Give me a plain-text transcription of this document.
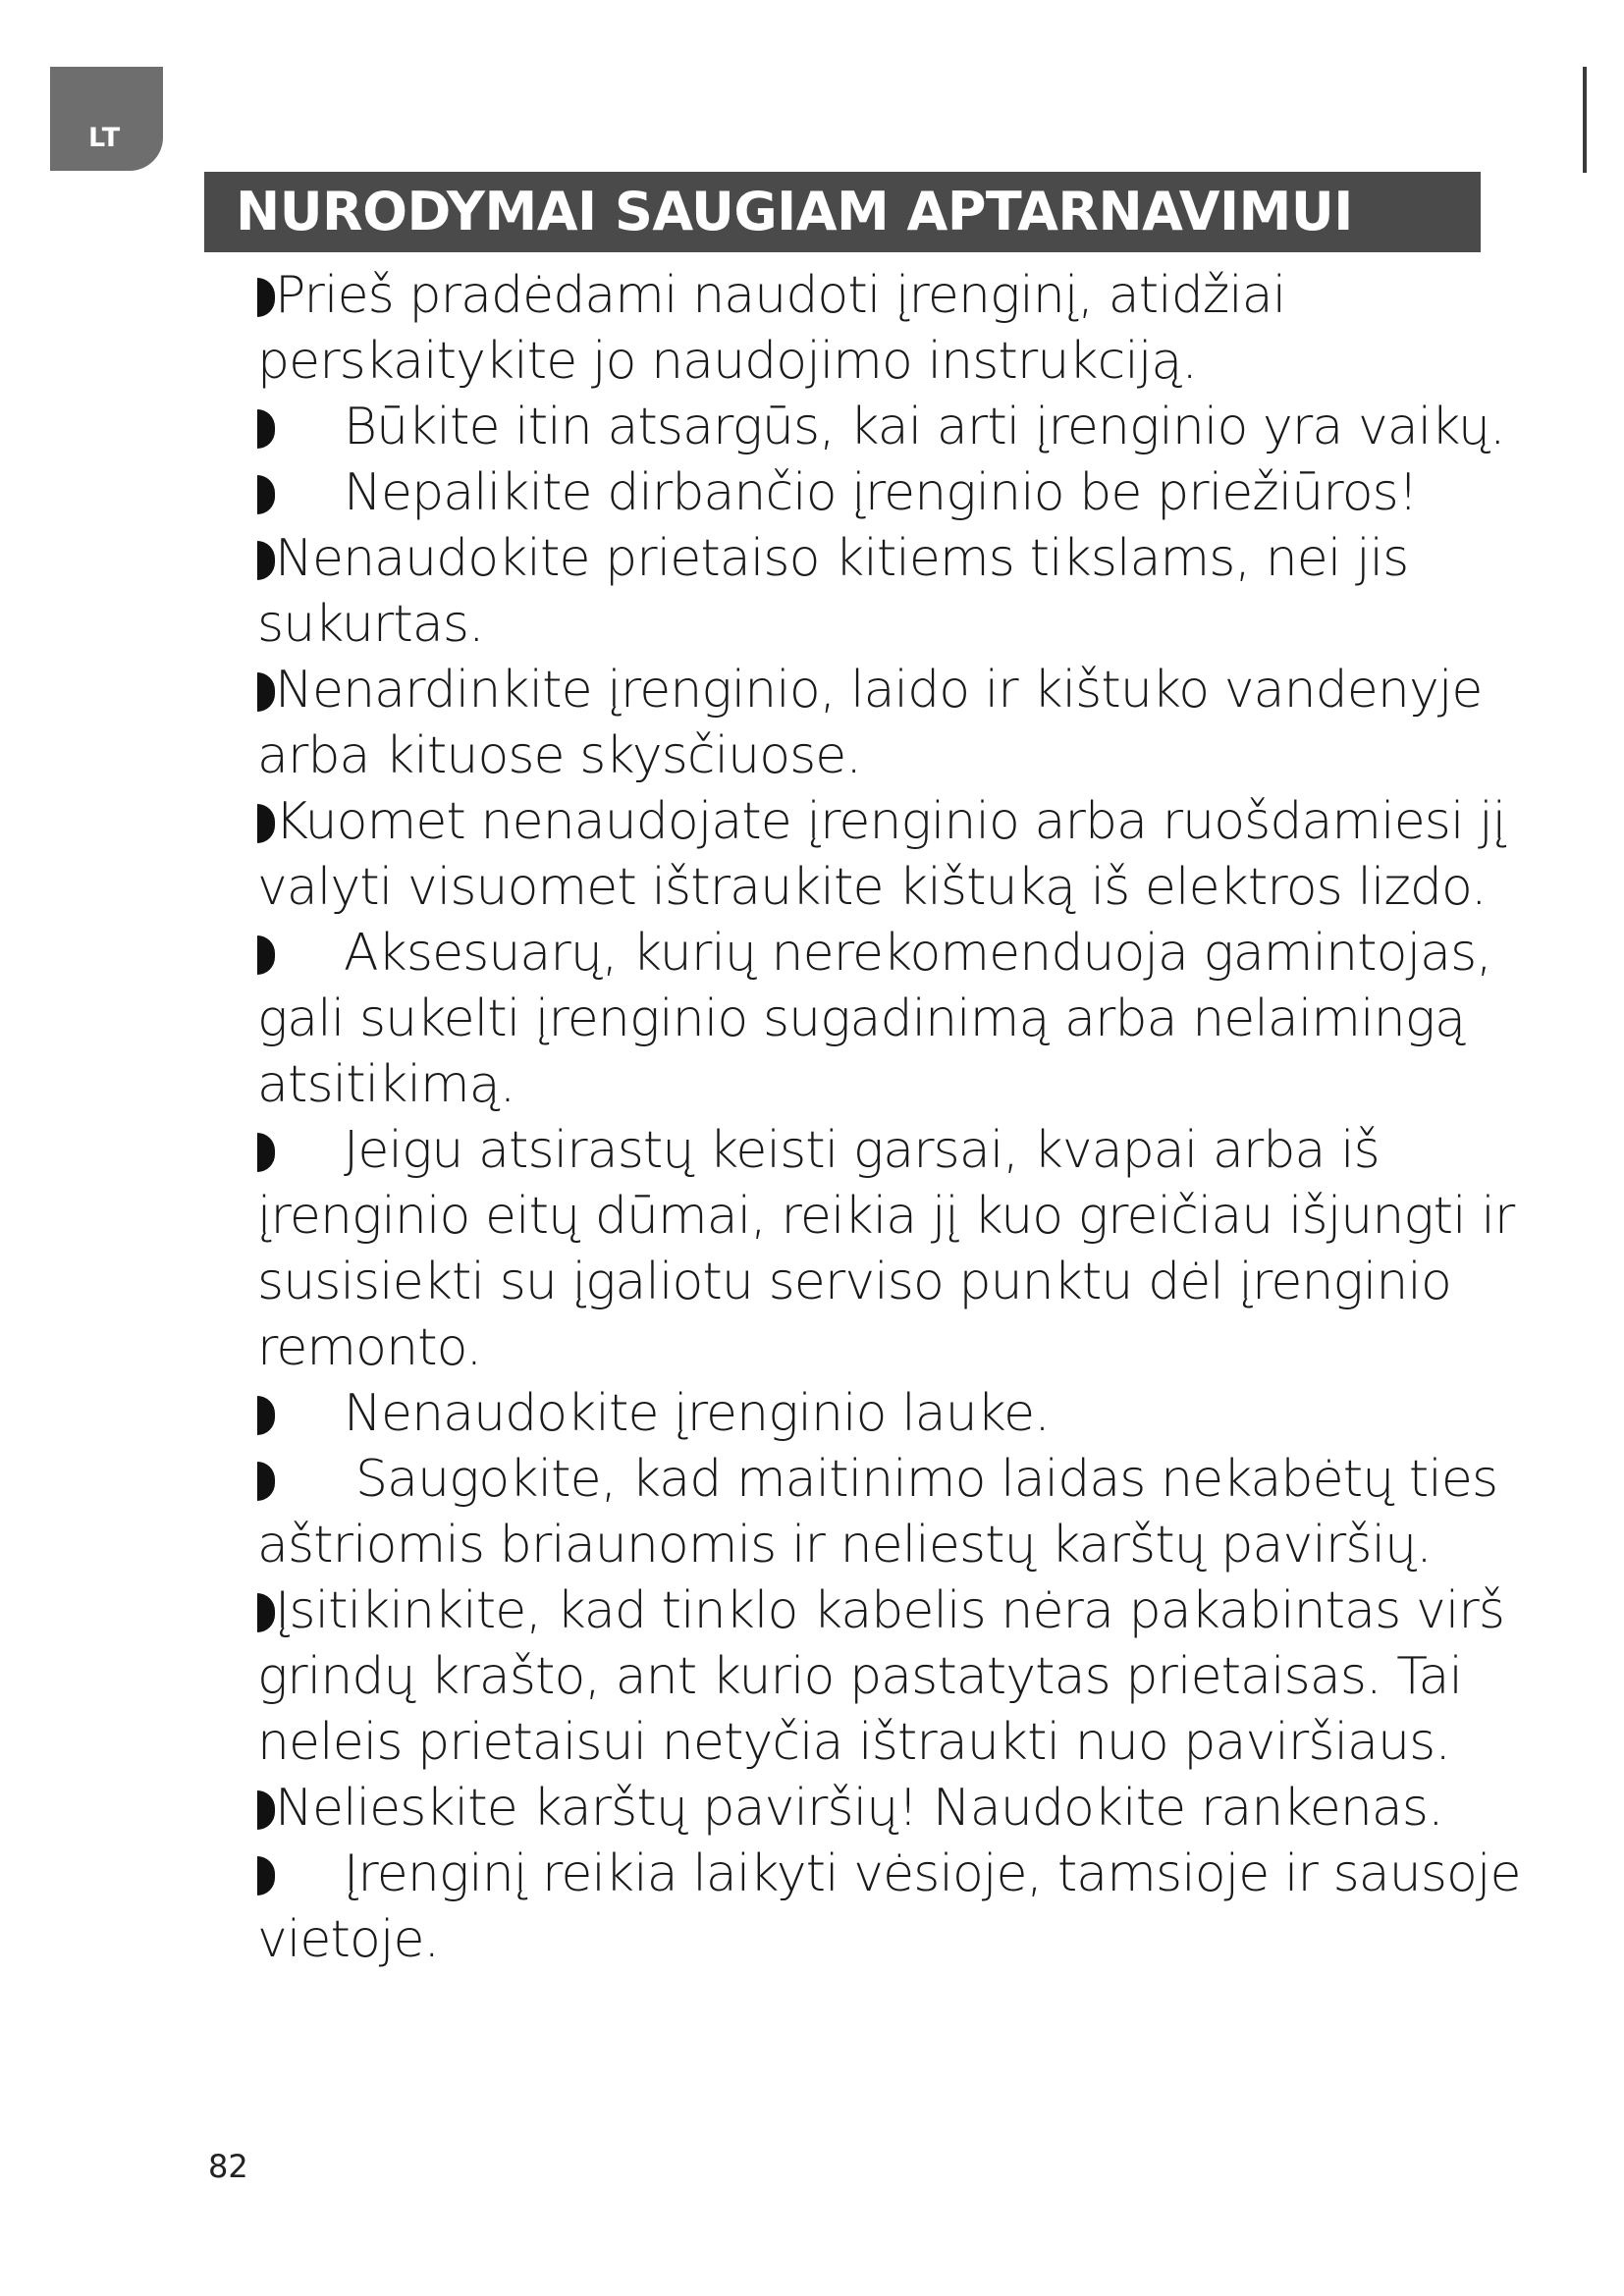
LT
NURODYMAI SAUGIAM APTARNAVIMUI

Prieš pradėdami naudoti įrenginį, atidžiai perskaitykite jo naudojimo instrukciją.

Būkite itin atsargūs, kai arti įrenginio yra vaikų.

Nepalikite dirbančio įrenginio be priežiūros!

Nenaudokite prietaiso kitiems tikslams, nei jis sukurtas.

Nenardinkite įrenginio, laido ir kištuko vandenyje arba kituose skysčiuose.

Kuomet nenaudojate įrenginio arba ruošdamiesi jį valyti visuomet ištraukite kištuką iš elektros lizdo.

Aksesuarų, kurių nerekomenduoja gamintojas, gali sukelti įrenginio sugadinimą arba nelaimingą atsitikimą.

Jeigu atsirastų keisti garsai, kvapai arba iš įrenginio eitų dūmai, reikia jį kuo greičiau išjungti ir susisiekti su įgaliotu serviso punktu dėl įrenginio remonto.

Nenaudokite įrenginio lauke.

Saugokite, kad maitinimo laidas nekabėtų ties aštriomis briaunomis ir neliestų karštų paviršių.

Įsitikinkite, kad tinklo kabelis nėra pakabintas virš grindų krašto, ant kurio pastatytas prietaisas. Tai neleis prietaisui netyčia ištraukti nuo paviršiaus.

Nelieskite karštų paviršių! Naudokite rankenas.

Įrenginį reikia laikyti vėsioje, tamsioje ir sausoje vietoje.

82
